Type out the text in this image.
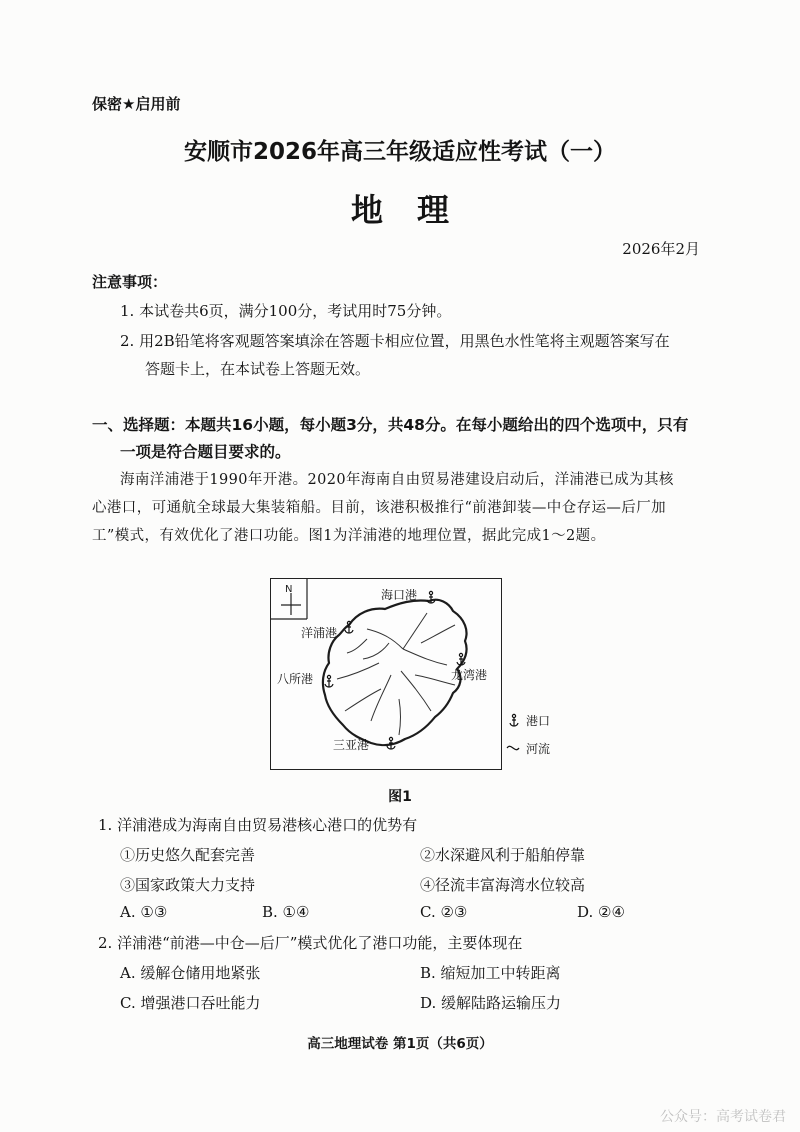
保密★启用前
安顺市2026年高三年级适应性考试（一）
地理
2026年2月
注意事项：
1. 本试卷共6页，满分100分，考试用时75分钟。
2. 用2B铅笔将客观题答案填涂在答题卡相应位置，用黑色水性笔将主观题答案写在
答题卡上，在本试卷上答题无效。
一、选择题：本题共16小题，每小题3分，共48分。在每小题给出的四个选项中，只有
一项是符合题目要求的。
海南洋浦港于1990年开港。2020年海南自由贸易港建设启动后，洋浦港已成为其核
心港口，可通航全球最大集装箱船。目前，该港积极推行“前港卸装—中仓存运—后厂加
工”模式，有效优化了港口功能。图1为洋浦港的地理位置，据此完成1～2题。
N	海口港
洋浦港
八所港	龙湾港
三亚港
港口
河流
图1
1. 洋浦港成为海南自由贸易港核心港口的优势有
①历史悠久配套完善	②水深避风利于船舶停靠
③国家政策大力支持	④径流丰富海湾水位较高
A. ①③	B. ①④	C. ②③	D. ②④
2. 洋浦港“前港—中仓—后厂”模式优化了港口功能，主要体现在
A. 缓解仓储用地紧张	B. 缩短加工中转距离
C. 增强港口吞吐能力	D. 缓解陆路运输压力
高三地理试卷 第1页（共6页）
公众号：高考试卷君
